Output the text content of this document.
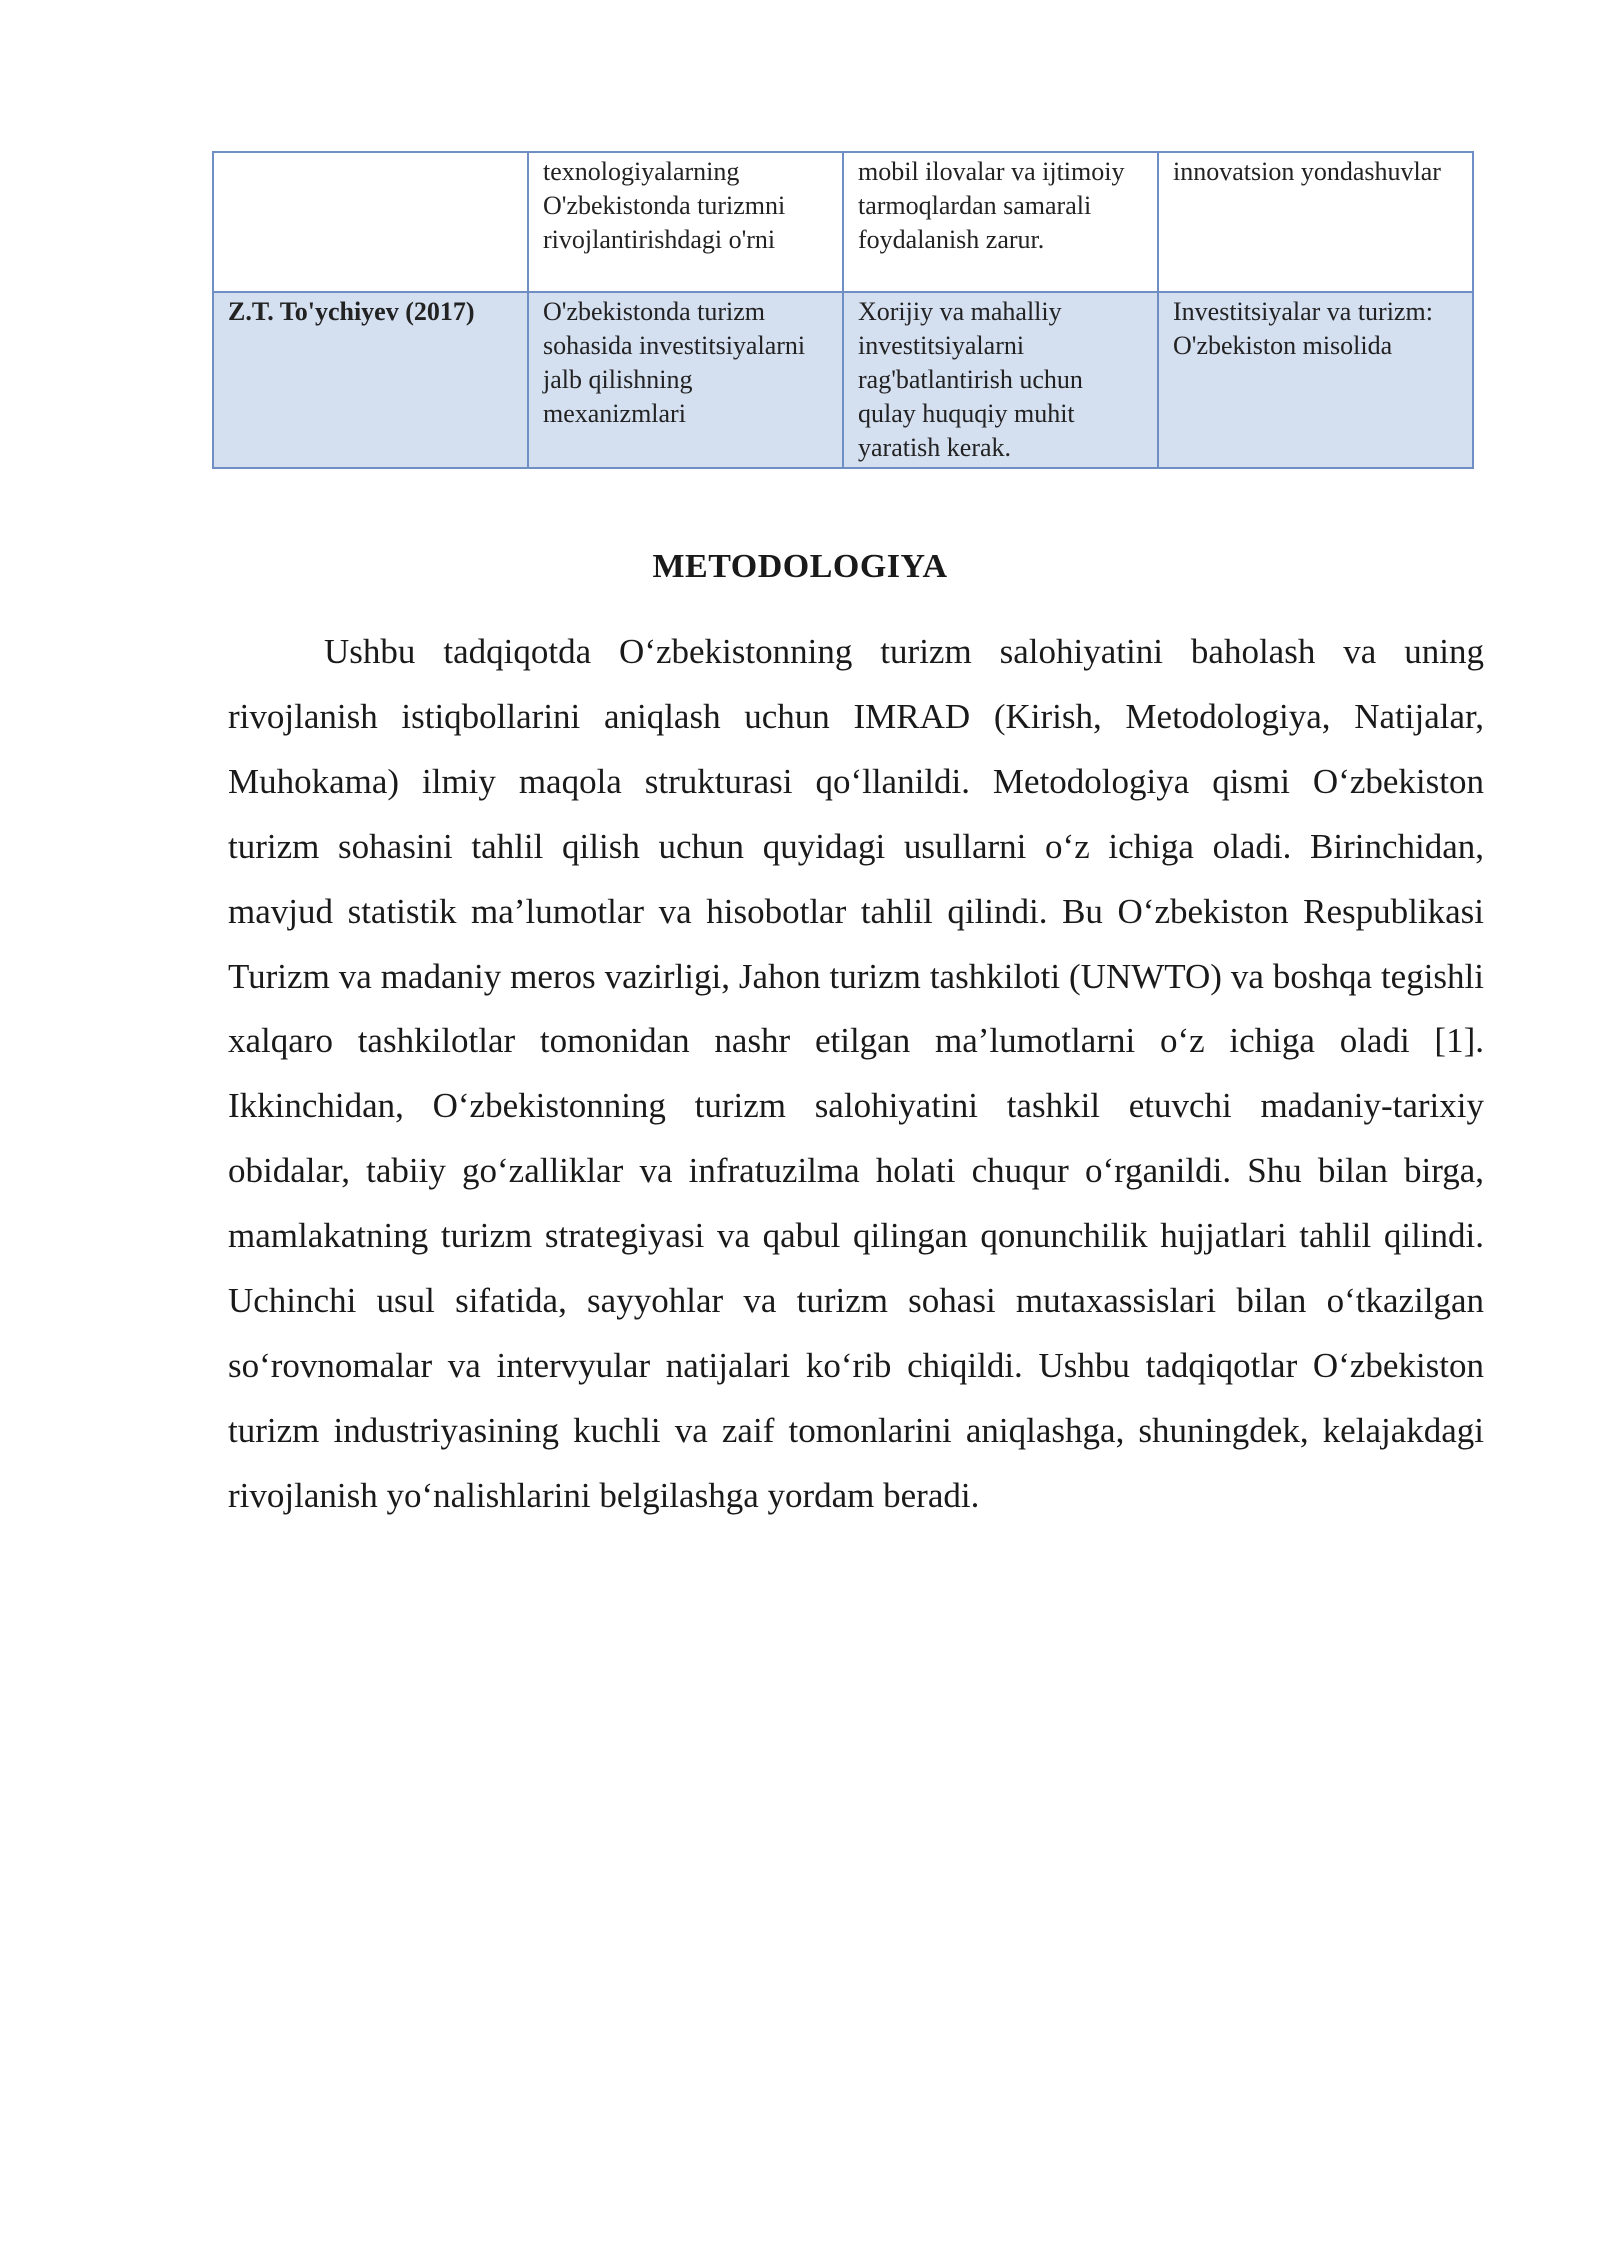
	texnologiyalarning O'zbekistonda turizmni rivojlantirishdagi o'rni	mobil ilovalar va ijtimoiy tarmoqlardan samarali foydalanish zarur.	innovatsion yondashuvlar
Z.T. To'ychiyev (2017)	O'zbekistonda turizm sohasida investitsiyalarni jalb qilishning mexanizmlari	Xorijiy va mahalliy investitsiyalarni rag'batlantirish uchun qulay huquqiy muhit yaratish kerak.	Investitsiyalar va turizm: O'zbekiston misolida
METODOLOGIYA

Ushbu tadqiqotda O‘zbekistonning turizm salohiyatini baholash va uning rivojlanish istiqbollarini aniqlash uchun IMRAD (Kirish, Metodologiya, Natijalar, Muhokama) ilmiy maqola strukturasi qo‘llanildi. Metodologiya qismi O‘zbekiston turizm sohasini tahlil qilish uchun quyidagi usullarni o‘z ichiga oladi. Birinchidan, mavjud statistik ma’lumotlar va hisobotlar tahlil qilindi. Bu O‘zbekiston Respublikasi Turizm va madaniy meros vazirligi, Jahon turizm tashkiloti (UNWTO) va boshqa tegishli xalqaro tashkilotlar tomonidan nashr etilgan ma’lumotlarni o‘z ichiga oladi [1]. Ikkinchidan, O‘zbekistonning turizm salohiyatini tashkil etuvchi madaniy-tarixiy obidalar, tabiiy go‘zalliklar va infratuzilma holati chuqur o‘rganildi. Shu bilan birga, mamlakatning turizm strategiyasi va qabul qilingan qonunchilik hujjatlari tahlil qilindi. Uchinchi usul sifatida, sayyohlar va turizm sohasi mutaxassislari bilan o‘tkazilgan so‘rovnomalar va intervyular natijalari ko‘rib chiqildi. Ushbu tadqiqotlar O‘zbekiston turizm industriyasining kuchli va zaif tomonlarini aniqlashga, shuningdek, kelajakdagi rivojlanish yo‘nalishlarini belgilashga yordam beradi.
